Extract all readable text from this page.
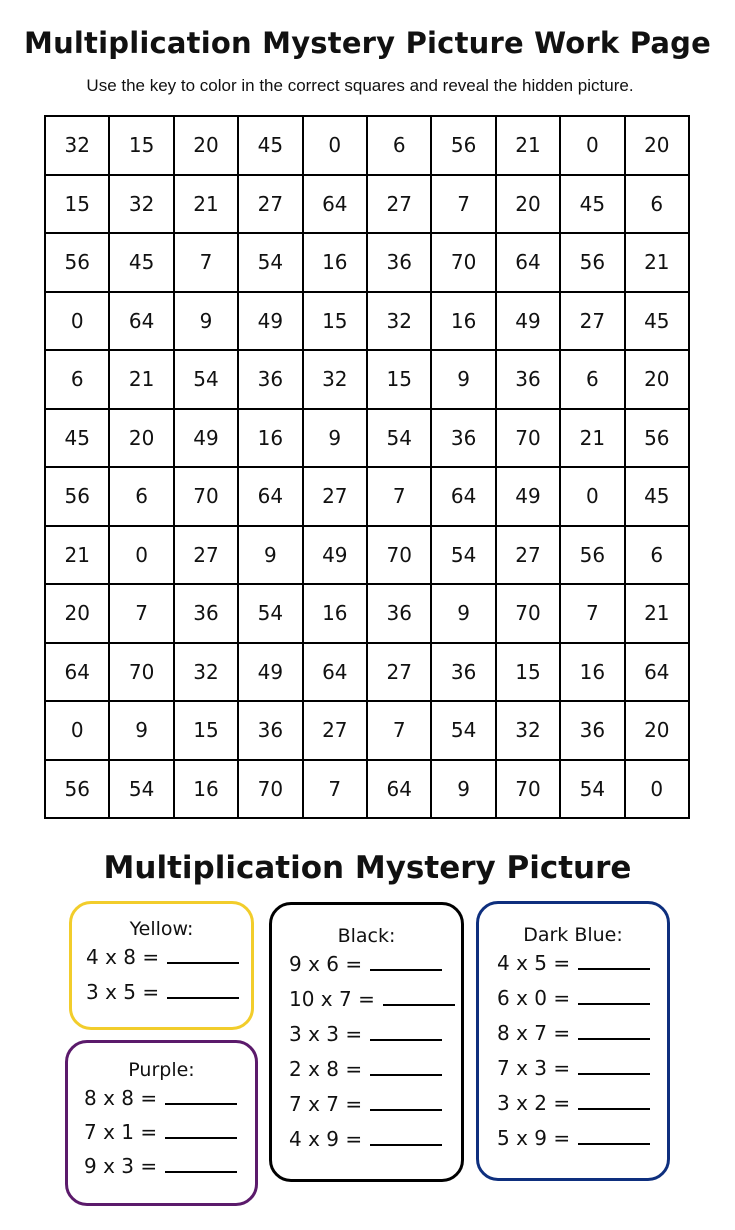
Multiplication Mystery Picture Work Page
Use the key to color in the correct squares and reveal the hidden picture.
32	15	20	45	0	6	56	21	0	20
15	32	21	27	64	27	7	20	45	6
56	45	7	54	16	36	70	64	56	21
0	64	9	49	15	32	16	49	27	45
6	21	54	36	32	15	9	36	6	20
45	20	49	16	9	54	36	70	21	56
56	6	70	64	27	7	64	49	0	45
21	0	27	9	49	70	54	27	56	6
20	7	36	54	16	36	9	70	7	21
64	70	32	49	64	27	36	15	16	64
0	9	15	36	27	7	54	32	36	20
56	54	16	70	7	64	9	70	54	0
Multiplication Mystery Picture
Yellow:
4 x 8 =
3 x 5 =
Purple:
8 x 8 =
7 x 1 =
9 x 3 =
Black:
9 x 6 =
10 x 7 =
3 x 3 =
2 x 8 =
7 x 7 =
4 x 9 =
Dark Blue:
4 x 5 =
6 x 0 =
8 x 7 =
7 x 3 =
3 x 2 =
5 x 9 =
